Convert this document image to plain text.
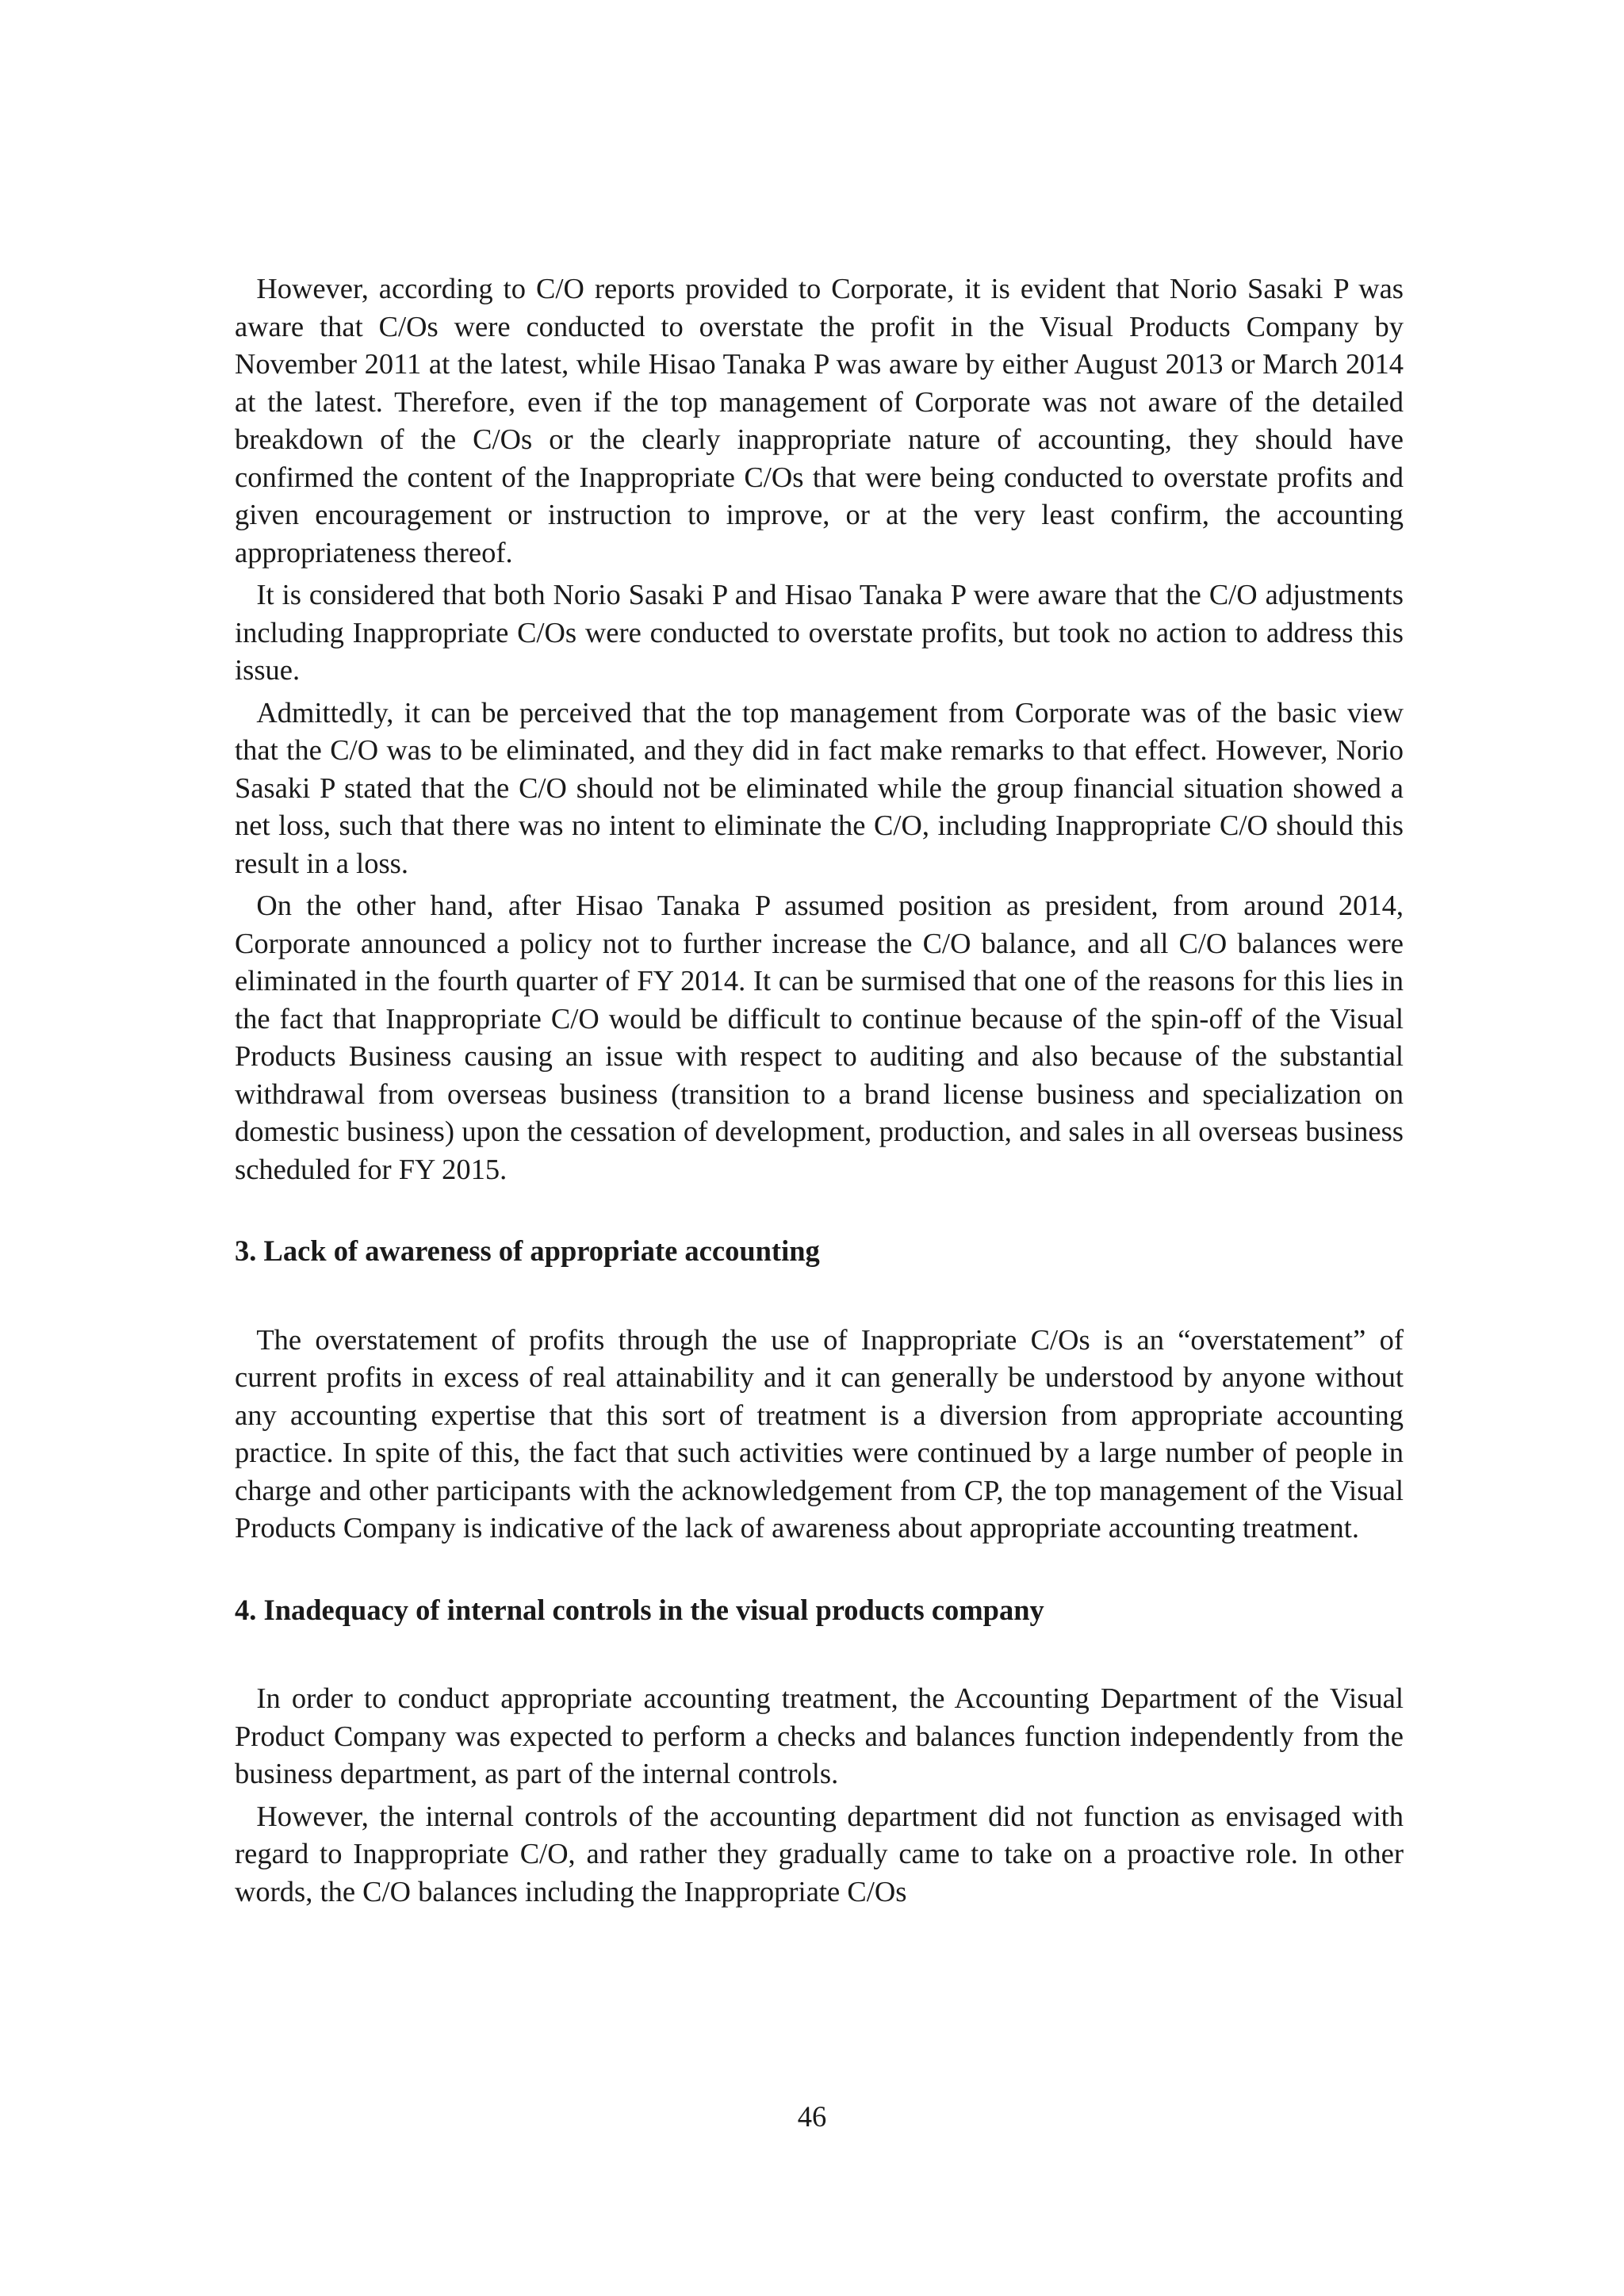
However, according to C/O reports provided to Corporate, it is evident that Norio Sasaki P was aware that C/Os were conducted to overstate the profit in the Visual Products Company by November 2011 at the latest, while Hisao Tanaka P was aware by either August 2013 or March 2014 at the latest. Therefore, even if the top management of Corporate was not aware of the detailed breakdown of the C/Os or the clearly inappropriate nature of accounting, they should have confirmed the content of the Inappropriate C/Os that were being conducted to overstate profits and given encouragement or instruction to improve, or at the very least confirm, the accounting appropriateness thereof.

It is considered that both Norio Sasaki P and Hisao Tanaka P were aware that the C/O adjustments including Inappropriate C/Os were conducted to overstate profits, but took no action to address this issue.

Admittedly, it can be perceived that the top management from Corporate was of the basic view that the C/O was to be eliminated, and they did in fact make remarks to that effect. However, Norio Sasaki P stated that the C/O should not be eliminated while the group financial situation showed a net loss, such that there was no intent to eliminate the C/O, including Inappropriate C/O should this result in a loss.

On the other hand, after Hisao Tanaka P assumed position as president, from around 2014, Corporate announced a policy not to further increase the C/O balance, and all C/O balances were eliminated in the fourth quarter of FY 2014. It can be surmised that one of the reasons for this lies in the fact that Inappropriate C/O would be difficult to continue because of the spin-off of the Visual Products Business causing an issue with respect to auditing and also because of the substantial withdrawal from overseas business (transition to a brand license business and specialization on domestic business) upon the cessation of development, production, and sales in all overseas business scheduled for FY 2015.

3. Lack of awareness of appropriate accounting

The overstatement of profits through the use of Inappropriate C/Os is an “overstatement” of current profits in excess of real attainability and it can generally be understood by anyone without any accounting expertise that this sort of treatment is a diversion from appropriate accounting practice. In spite of this, the fact that such activities were continued by a large number of people in charge and other participants with the acknowledgement from CP, the top management of the Visual Products Company is indicative of the lack of awareness about appropriate accounting treatment.

4. Inadequacy of internal controls in the visual products company

In order to conduct appropriate accounting treatment, the Accounting Department of the Visual Product Company was expected to perform a checks and balances function independently from the business department, as part of the internal controls.

However, the internal controls of the accounting department did not function as envisaged with regard to Inappropriate C/O, and rather they gradually came to take on a proactive role. In other words, the C/O balances including the Inappropriate C/Os

46
